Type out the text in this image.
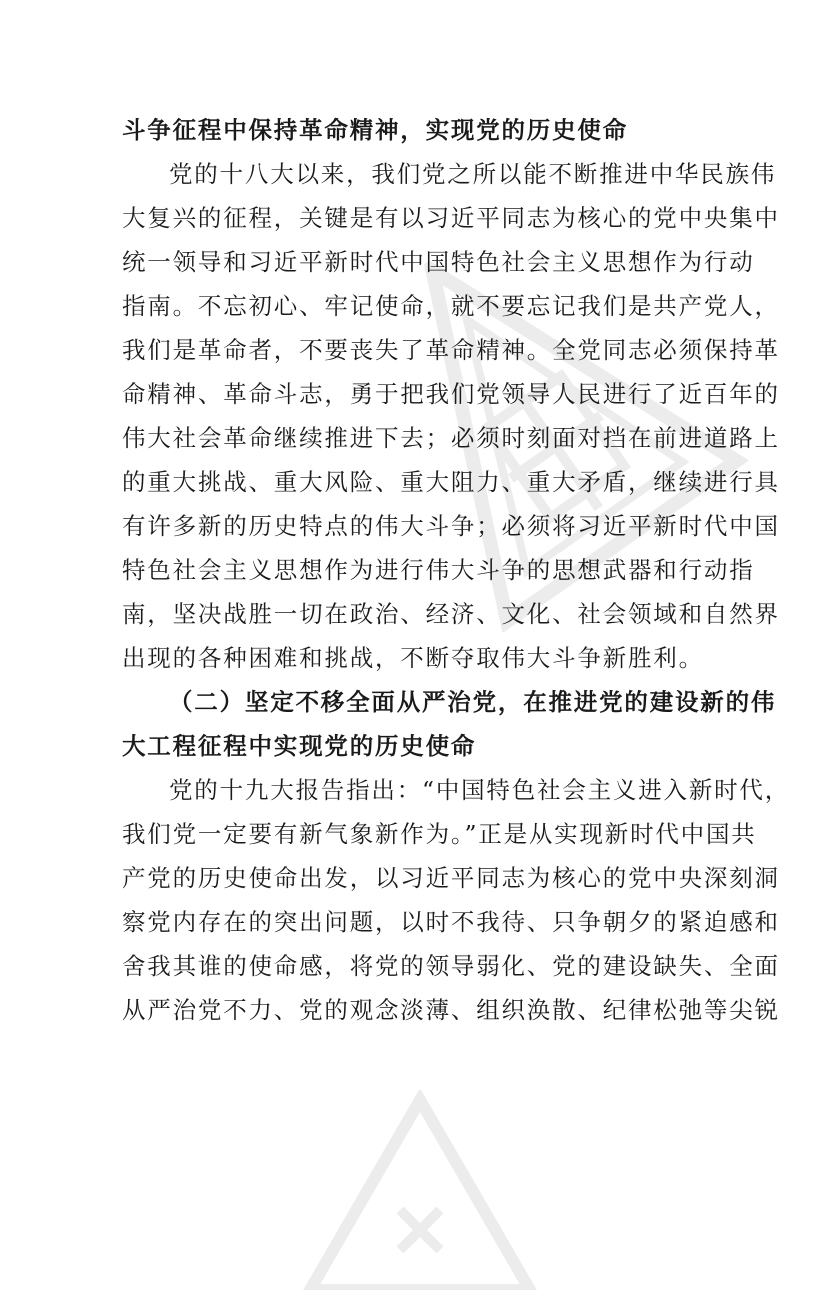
斗争征程中保持革命精神，实现党的历史使命
党的十八大以来，我们党之所以能不断推进中华民族伟
大复兴的征程，关键是有以习近平同志为核心的党中央集中
统一领导和习近平新时代中国特色社会主义思想作为行动
指南。不忘初心、牢记使命，就不要忘记我们是共产党人，
我们是革命者，不要丧失了革命精神。全党同志必须保持革
命精神、革命斗志，勇于把我们党领导人民进行了近百年的
伟大社会革命继续推进下去；必须时刻面对挡在前进道路上
的重大挑战、重大风险、重大阻力、重大矛盾，继续进行具
有许多新的历史特点的伟大斗争；必须将习近平新时代中国
特色社会主义思想作为进行伟大斗争的思想武器和行动指
南，坚决战胜一切在政治、经济、文化、社会领域和自然界
出现的各种困难和挑战，不断夺取伟大斗争新胜利。
（二）坚定不移全面从严治党，在推进党的建设新的伟
大工程征程中实现党的历史使命
党的十九大报告指出：“中国特色社会主义进入新时代，
我们党一定要有新气象新作为。”正是从实现新时代中国共
产党的历史使命出发，以习近平同志为核心的党中央深刻洞
察党内存在的突出问题，以时不我待、只争朝夕的紧迫感和
舍我其谁的使命感，将党的领导弱化、党的建设缺失、全面
从严治党不力、党的观念淡薄、组织涣散、纪律松弛等尖锐
